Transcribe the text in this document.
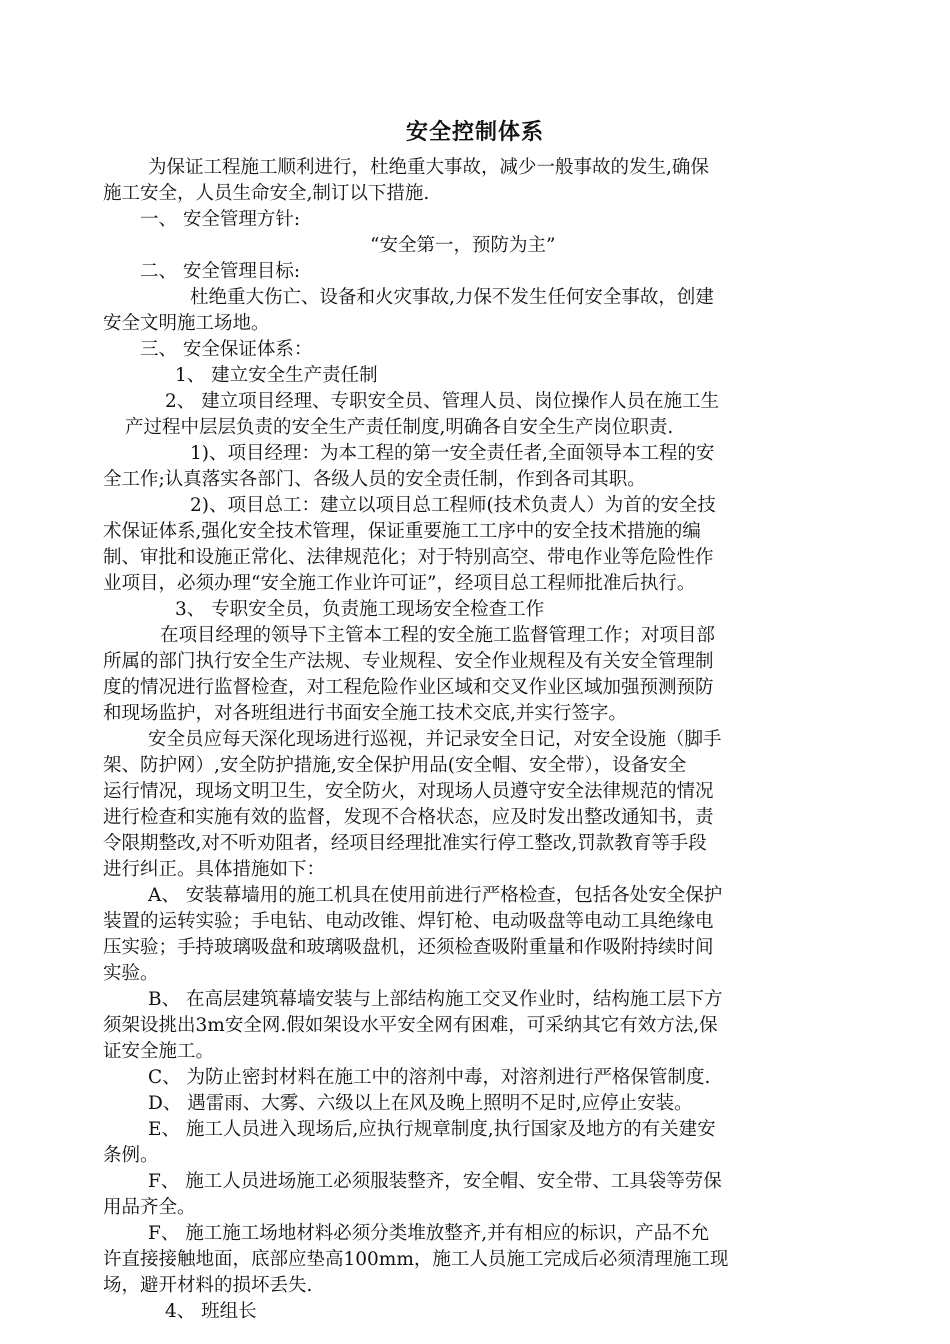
安全控制体系
为保证工程施工顺利进行，杜绝重大事故，减少一般事故的发生,确保
施工安全，人员生命安全,制订以下措施.
一、 安全管理方针:
“安全第一，预防为主”
二、 安全管理目标:
杜绝重大伤亡、设备和火灾事故,力保不发生任何安全事故，创建
安全文明施工场地。
三、 安全保证体系：
1、 建立安全生产责任制
2、 建立项目经理、专职安全员、管理人员、岗位操作人员在施工生
产过程中层层负责的安全生产责任制度,明确各自安全生产岗位职责.
1)、项目经理：为本工程的第一安全责任者,全面领导本工程的安
全工作;认真落实各部门、各级人员的安全责任制，作到各司其职。
2)、项目总工：建立以项目总工程师(技术负责人）为首的安全技
术保证体系,强化安全技术管理，保证重要施工工序中的安全技术措施的编
制、审批和设施正常化、法律规范化；对于特别高空、带电作业等危险性作
业项目，必须办理“安全施工作业许可证”，经项目总工程师批准后执行。
3、 专职安全员，负责施工现场安全检查工作
在项目经理的领导下主管本工程的安全施工监督管理工作；对项目部
所属的部门执行安全生产法规、专业规程、安全作业规程及有关安全管理制
度的情况进行监督检查，对工程危险作业区域和交叉作业区域加强预测预防
和现场监护，对各班组进行书面安全施工技术交底,并实行签字。
安全员应每天深化现场进行巡视，并记录安全日记，对安全设施（脚手
架、防护网）,安全防护措施,安全保护用品(安全帽、安全带），设备安全
运行情况，现场文明卫生，安全防火，对现场人员遵守安全法律规范的情况
进行检查和实施有效的监督，发现不合格状态，应及时发出整改通知书，责
令限期整改,对不听劝阻者，经项目经理批准实行停工整改,罚款教育等手段
进行纠正。具体措施如下：
A、 安装幕墙用的施工机具在使用前进行严格检查，包括各处安全保护
装置的运转实验；手电钻、电动改锥、焊钉枪、电动吸盘等电动工具绝缘电
压实验；手持玻璃吸盘和玻璃吸盘机，还须检查吸附重量和作吸附持续时间
实验。
B、 在高层建筑幕墙安装与上部结构施工交叉作业时，结构施工层下方
须架设挑出3m安全网.假如架设水平安全网有困难，可采纳其它有效方法,保
证安全施工。
C、 为防止密封材料在施工中的溶剂中毒，对溶剂进行严格保管制度.
D、 遇雷雨、大雾、六级以上在风及晚上照明不足时,应停止安装。
E、 施工人员进入现场后,应执行规章制度,执行国家及地方的有关建安
条例。
F、 施工人员进场施工必须服装整齐，安全帽、安全带、工具袋等劳保
用品齐全。
F、 施工施工场地材料必须分类堆放整齐,并有相应的标识，产品不允
许直接接触地面，底部应垫高100mm，施工人员施工完成后必须清理施工现
场，避开材料的损坏丢失.
4、 班组长
